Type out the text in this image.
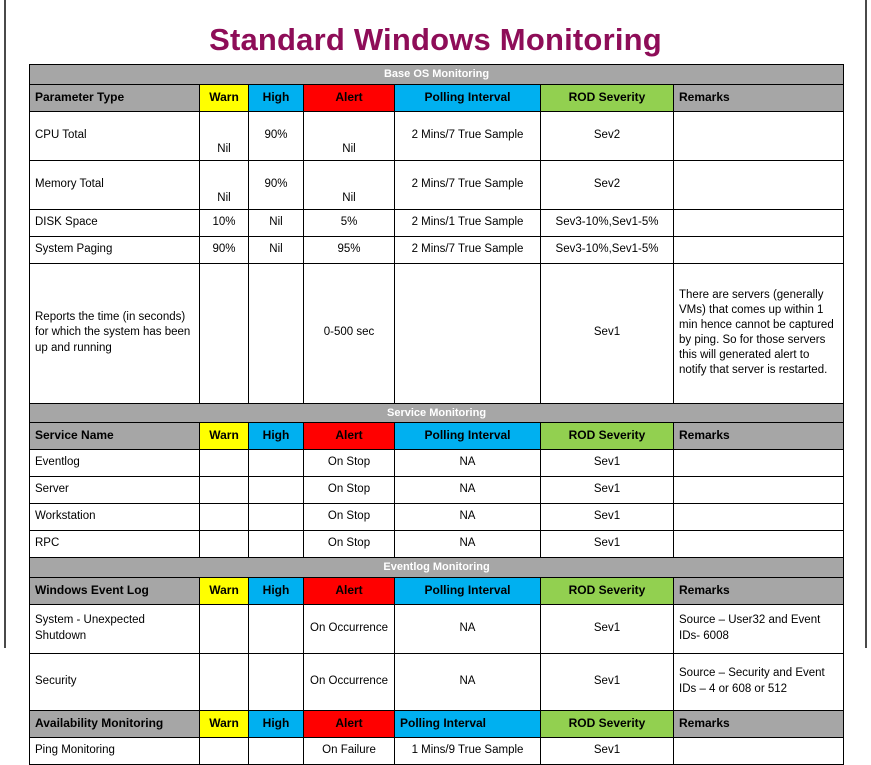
Standard Windows Monitoring
Base OS Monitoring						
Parameter Type	Warn	High	Alert	Polling Interval	ROD Severity	Remarks
CPU Total	Nil	90%	Nil	2 Mins/7 True Sample	Sev2	
Memory Total	Nil	90%	Nil	2 Mins/7 True Sample	Sev2	
DISK Space	10%	Nil	5%	2 Mins/1 True Sample	Sev3-10%,Sev1-5%	
System Paging	90%	Nil	95%	2 Mins/7 True Sample	Sev3-10%,Sev1-5%	
Reports the time (in seconds) for which the system has been up and running			0-500 sec		Sev1	There are servers (generally VMs) that comes up within 1 min hence cannot be captured by ping. So for those servers this will generated alert to notify that server is restarted.
Service Monitoring						
Service Name	Warn	High	Alert	Polling Interval	ROD Severity	Remarks
Eventlog			On Stop	NA	Sev1	
Server			On Stop	NA	Sev1	
Workstation			On Stop	NA	Sev1	
RPC			On Stop	NA	Sev1	
Eventlog Monitoring						
Windows Event Log	Warn	High	Alert	Polling Interval	ROD Severity	Remarks
System - Unexpected Shutdown			On Occurrence	NA	Sev1	Source – User32 and Event IDs- 6008
Security			On Occurrence	NA	Sev1	Source – Security and Event IDs – 4 or 608 or 512
Availability Monitoring	Warn	High	Alert	Polling Interval	ROD Severity	Remarks
Ping Monitoring			On Failure	1 Mins/9 True Sample	Sev1	
